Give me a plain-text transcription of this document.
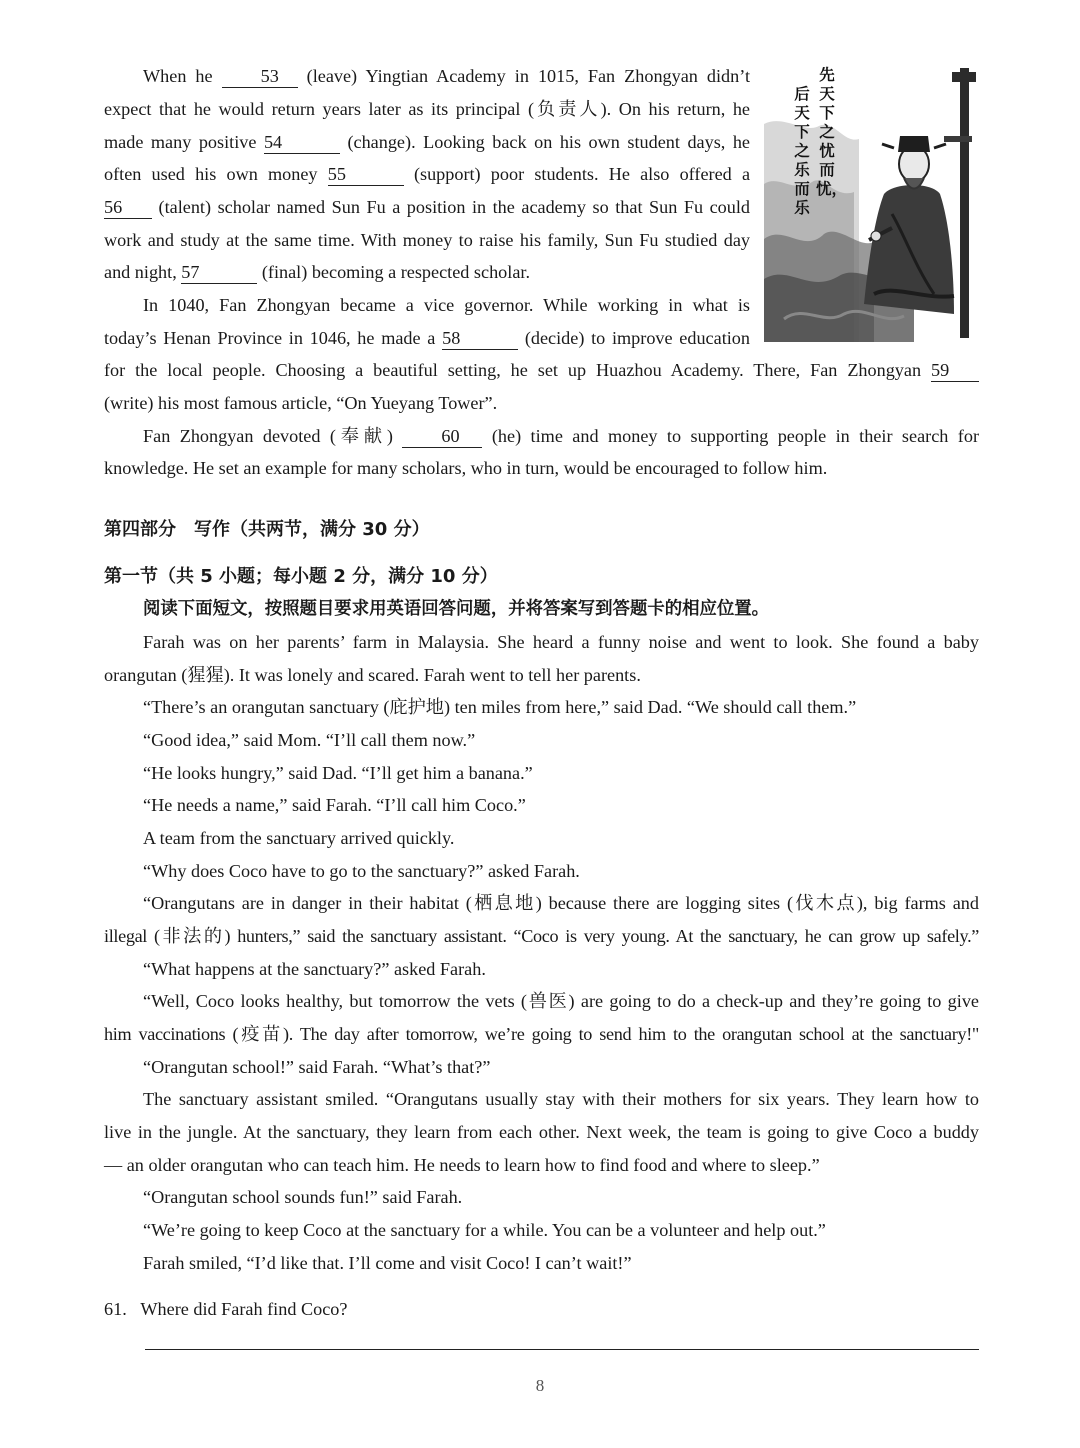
When he	53 (leave) Yingtian Academy in 1015, Fan Zhongyan didn’t

expect that he would return years later as its principal (负责人). On his return, he

made many positive 54	(change). Looking back on his own student days, he

often used his own money 55	(support) poor students. He also offered a

56 (talent) scholar named Sun Fu a position in the academy so that Sun Fu could

work and study at the same time. With money to raise his family, Sun Fu studied day

and night, 57	(final) becoming a respected scholar.

In 1040, Fan Zhongyan became a vice governor. While working in what is

today’s Henan Province in 1046, he made a 58	(decide) to improve education

for the local people. Choosing a beautiful setting, he set up Huazhou Academy. There, Fan Zhongyan 59

(write) his most famous article, “On Yueyang Tower”.

Fan Zhongyan devoted (奉献)	60 (he) time and money to supporting people in their search for

knowledge. He set an example for many scholars, who in turn, would be encouraged to follow him.

先天下之忧而忧，
后天下之乐而乐
第四部分　写作（共两节，满分 30 分）
第一节（共 5 小题；每小题 2 分，满分 10 分）
阅读下面短文，按照题目要求用英语回答问题，并将答案写到答题卡的相应位置。

Farah was on her parents’ farm in Malaysia. She heard a funny noise and went to look. She found a baby

orangutan (猩猩). It was lonely and scared. Farah went to tell her parents.

“There’s an orangutan sanctuary (庇护地) ten miles from here,” said Dad. “We should call them.”

“Good idea,” said Mom. “I’ll call them now.”

“He looks hungry,” said Dad. “I’ll get him a banana.”

“He needs a name,” said Farah. “I’ll call him Coco.”

A team from the sanctuary arrived quickly.

“Why does Coco have to go to the sanctuary?” asked Farah.

“Orangutans are in danger in their habitat (栖息地) because there are logging sites (伐木点), big farms and

illegal (非法的) hunters,” said the sanctuary assistant. “Coco is very young. At the sanctuary, he can grow up safely.”

“What happens at the sanctuary?” asked Farah.

“Well, Coco looks healthy, but tomorrow the vets (兽医) are going to do a check-up and they’re going to give

him vaccinations (疫苗). The day after tomorrow, we’re going to send him to the orangutan school at the sanctuary!"

“Orangutan school!” said Farah. “What’s that?”

The sanctuary assistant smiled. “Orangutans usually stay with their mothers for six years. They learn how to

live in the jungle. At the sanctuary, they learn from each other. Next week, the team is going to give Coco a buddy

— an older orangutan who can teach him. He needs to learn how to find food and where to sleep.”

“Orangutan school sounds fun!” said Farah.

“We’re going to keep Coco at the sanctuary for a while. You can be a volunteer and help out.”

Farah smiled, “I’d like that. I’ll come and visit Coco! I can’t wait!”

61. Where did Farah find Coco?
8
